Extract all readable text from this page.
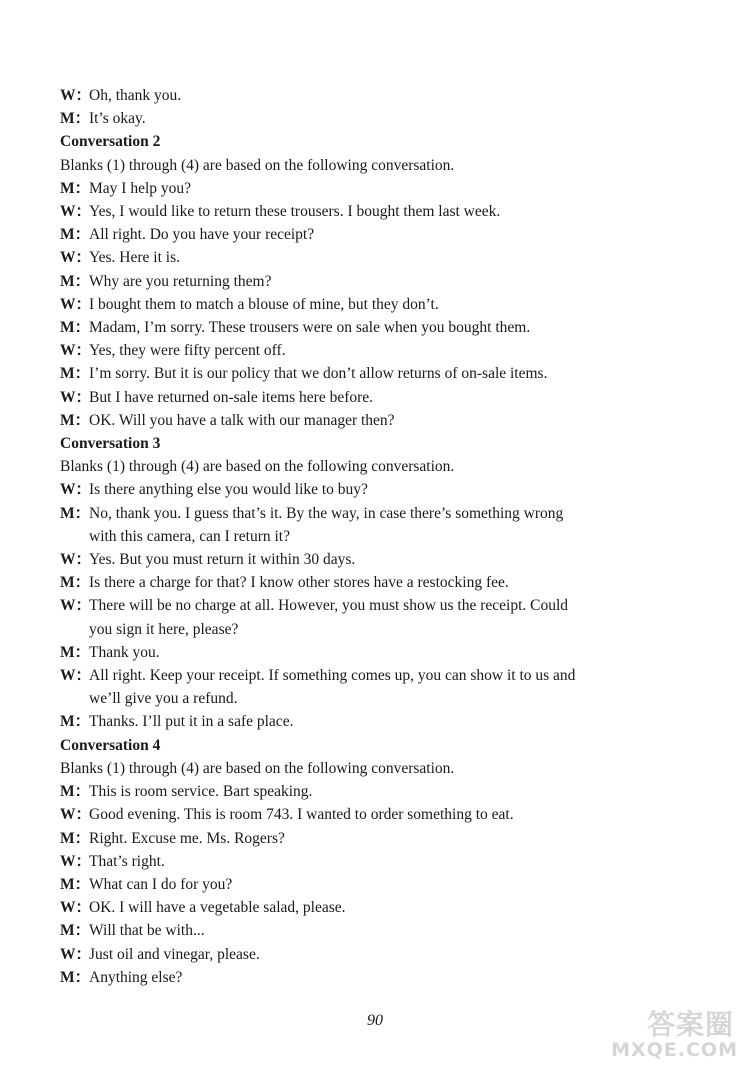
W：Oh, thank you.
M：It’s okay.
Conversation 2
Blanks (1) through (4) are based on the following conversation.
M：May I help you?
W：Yes, I would like to return these trousers. I bought them last week.
M：All right. Do you have your receipt?
W：Yes. Here it is.
M：Why are you returning them?
W：I bought them to match a blouse of mine, but they don’t.
M：Madam, I’m sorry. These trousers were on sale when you bought them.
W：Yes, they were fifty percent off.
M：I’m sorry. But it is our policy that we don’t allow returns of on-sale items.
W：But I have returned on-sale items here before.
M：OK. Will you have a talk with our manager then?
Conversation 3
Blanks (1) through (4) are based on the following conversation.
W：Is there anything else you would like to buy?
M：No, thank you. I guess that’s it. By the way, in case there’s something wrong
with this camera, can I return it?
W：Yes. But you must return it within 30 days.
M：Is there a charge for that? I know other stores have a restocking fee.
W：There will be no charge at all. However, you must show us the receipt. Could
you sign it here, please?
M：Thank you.
W：All right. Keep your receipt. If something comes up, you can show it to us and
we’ll give you a refund.
M：Thanks. I’ll put it in a safe place.
Conversation 4
Blanks (1) through (4) are based on the following conversation.
M：This is room service. Bart speaking.
W：Good evening. This is room 743. I wanted to order something to eat.
M：Right. Excuse me. Ms. Rogers?
W：That’s right.
M：What can I do for you?
W：OK. I will have a vegetable salad, please.
M：Will that be with...
W：Just oil and vinegar, please.
M：Anything else?
90	答案圈
MXQE.COM
